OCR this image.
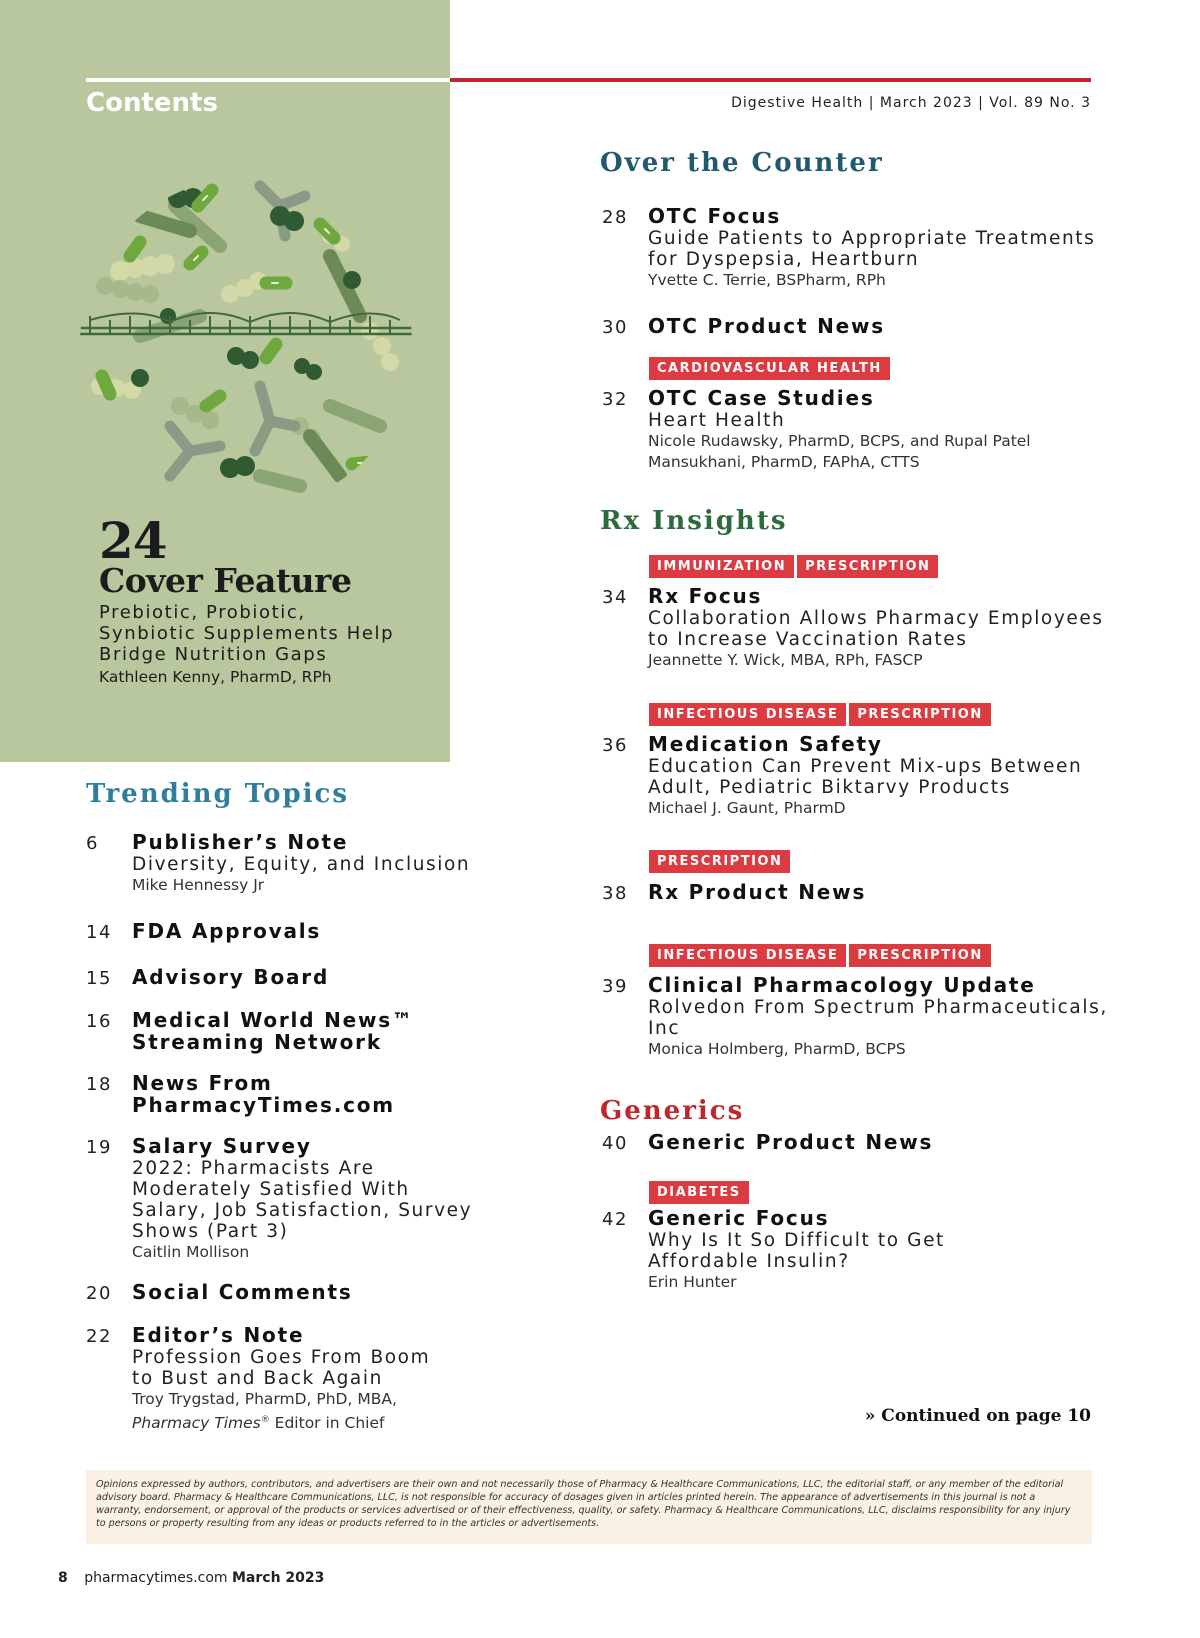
Contents	Digestive Health | March 2023 | Vol. 89 No. 3
24
Cover Feature
Prebiotic, Probiotic,
Synbiotic Supplements Help
Bridge Nutrition Gaps
Kathleen Kenny, PharmD, RPh
Over the Counter
Rx Insights
Trending Topics
Generics
CARDIOVASCULAR HEALTH
IMMUNIZATION	PRESCRIPTION
INFECTIOUS DISEASE	PRESCRIPTION
PRESCRIPTION
INFECTIOUS DISEASE	PRESCRIPTION
DIABETES
28	OTC Focus
Guide Patients to Appropriate Treatments
for Dyspepsia, Heartburn
Yvette C. Terrie, BSPharm, RPh
30	OTC Product News
32	OTC Case Studies
Heart Health
Nicole Rudawsky, PharmD, BCPS, and Rupal Patel
Mansukhani, PharmD, FAPhA, CTTS
34	Rx Focus
Collaboration Allows Pharmacy Employees
to Increase Vaccination Rates
Jeannette Y. Wick, MBA, RPh, FASCP
36	Medication Safety
Education Can Prevent Mix-ups Between
Adult, Pediatric Biktarvy Products
Michael J. Gaunt, PharmD
38	Rx Product News
39	Clinical Pharmacology Update
Rolvedon From Spectrum Pharmaceuticals,
Inc
Monica Holmberg, PharmD, BCPS
40	Generic Product News
42	Generic Focus
Why Is It So Difficult to Get
Affordable Insulin?
Erin Hunter
6	Publisher’s Note
Diversity, Equity, and Inclusion
Mike Hennessy Jr
14	FDA Approvals
15	Advisory Board
16	Medical World News™
Streaming Network
18	News From
PharmacyTimes.com
19	Salary Survey
2022: Pharmacists Are
Moderately Satisfied With
Salary, Job Satisfaction, Survey
Shows (Part 3)
Caitlin Mollison
20	Social Comments
22	Editor’s Note
Profession Goes From Boom
to Bust and Back Again
Troy Trygstad, PharmD, PhD, MBA,
Pharmacy Times® Editor in Chief	» Continued on page 10
Opinions expressed by authors, contributors, and advertisers are their own and not necessarily those of Pharmacy & Healthcare Communications, LLC, the editorial staff, or any member of the editorial advisory board. Pharmacy & Healthcare Communications, LLC, is not responsible for accuracy of dosages given in articles printed herein. The appearance of advertisements in this journal is not a warranty, endorsement, or approval of the products or services advertised or of their effectiveness, quality, or safety. Pharmacy & Healthcare Communications, LLC, disclaims responsibility for any injury to persons or property resulting from any ideas or products referred to in the articles or advertisements.
8 pharmacytimes.com March 2023
